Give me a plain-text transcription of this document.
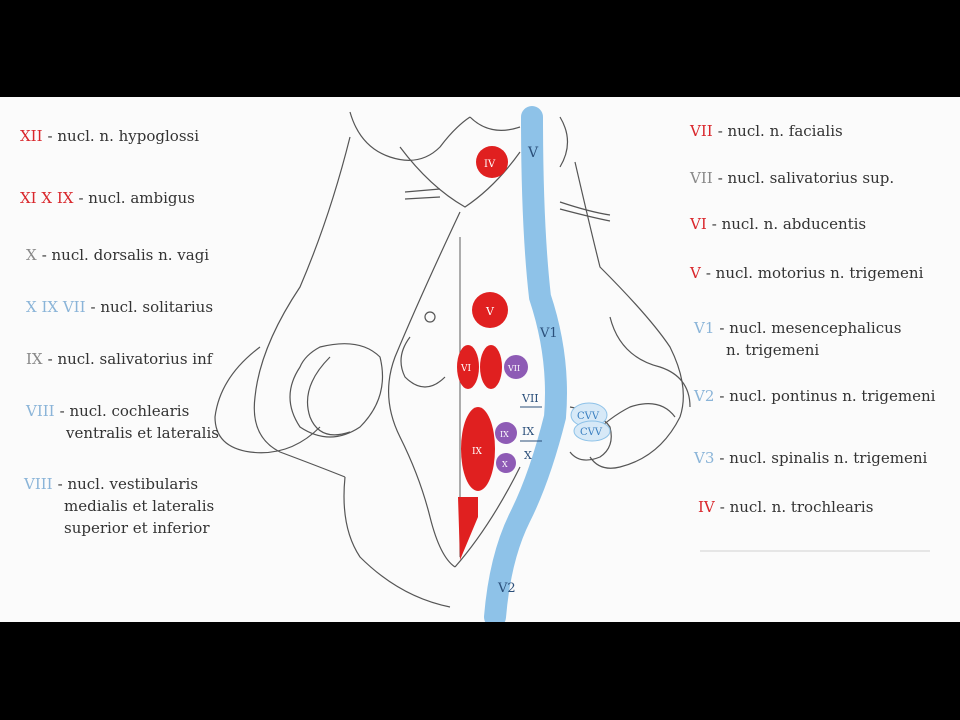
V
V1
V2
VII
IX
X
IV
V
VI
IX
VII
IX
X
CVV
CVV
XII - nucl. n. hypoglossi
XI X IX - nucl. ambigus
X - nucl. dorsalis n. vagi
X IX VII - nucl. solitarius
IX - nucl. salivatorius inf
VIII - nucl. cochlearis
ventralis et lateralis
VIII - nucl. vestibularis
medialis et lateralis
superior et inferior
VII - nucl. n. facialis
VII - nucl. salivatorius sup.
VI - nucl. n. abducentis
V - nucl. motorius n. trigemeni
V1 - nucl. mesencephalicus
n. trigemeni
V2 - nucl. pontinus n. trigemeni
V3 - nucl. spinalis n. trigemeni
IV - nucl. n. trochlearis
